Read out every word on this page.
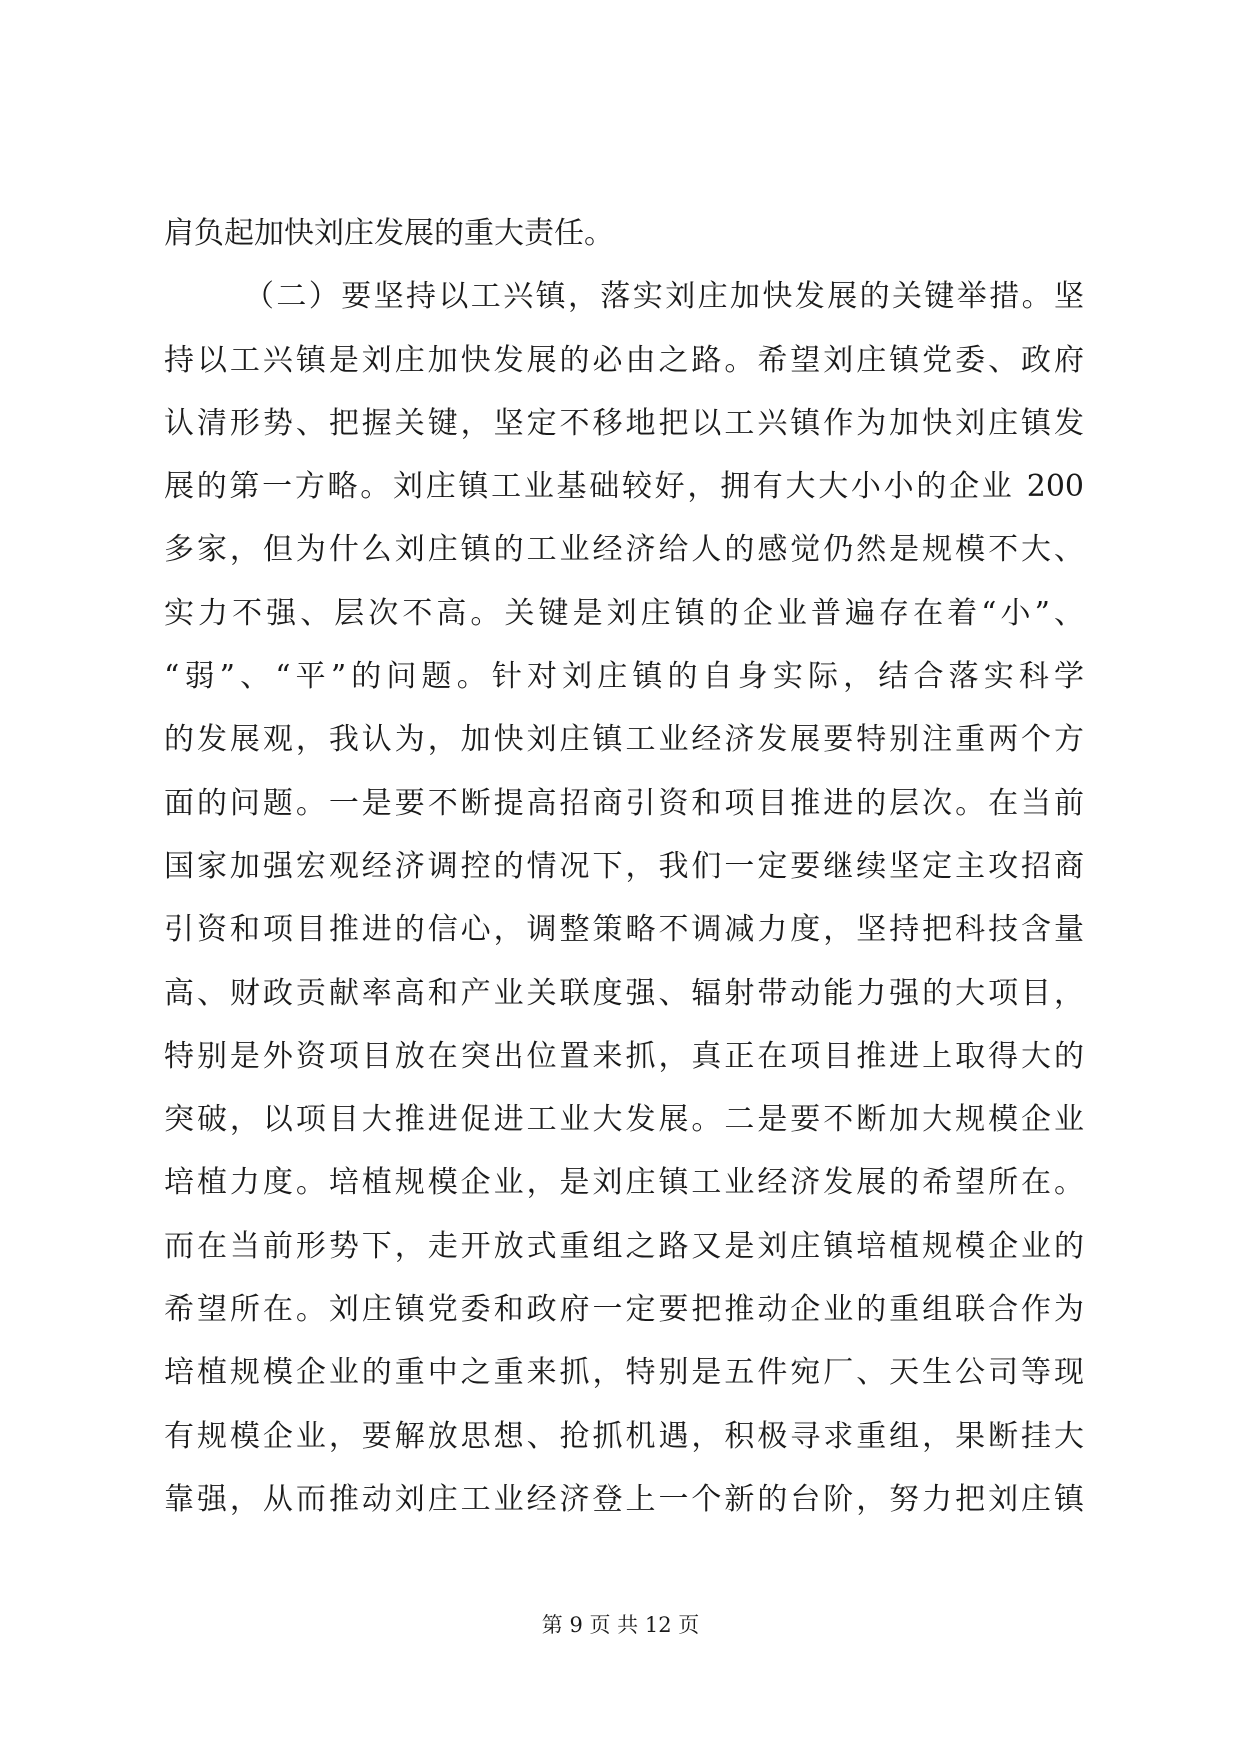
肩负起加快刘庄发展的重大责任。
（二）要坚持以工兴镇，落实刘庄加快发展的关键举措。坚
持以工兴镇是刘庄加快发展的必由之路。希望刘庄镇党委、政府
认清形势、把握关键，坚定不移地把以工兴镇作为加快刘庄镇发
展的第一方略。刘庄镇工业基础较好，拥有大大小小的企业 200
多家，但为什么刘庄镇的工业经济给人的感觉仍然是规模不大、
实力不强、层次不高。关键是刘庄镇的企业普遍存在着“小”、
“弱”、“平”的问题。针对刘庄镇的自身实际，结合落实科学
的发展观，我认为，加快刘庄镇工业经济发展要特别注重两个方
面的问题。一是要不断提高招商引资和项目推进的层次。在当前
国家加强宏观经济调控的情况下，我们一定要继续坚定主攻招商
引资和项目推进的信心，调整策略不调减力度，坚持把科技含量
高、财政贡献率高和产业关联度强、辐射带动能力强的大项目，
特别是外资项目放在突出位置来抓，真正在项目推进上取得大的
突破，以项目大推进促进工业大发展。二是要不断加大规模企业
培植力度。培植规模企业，是刘庄镇工业经济发展的希望所在。
而在当前形势下，走开放式重组之路又是刘庄镇培植规模企业的
希望所在。刘庄镇党委和政府一定要把推动企业的重组联合作为
培植规模企业的重中之重来抓，特别是五件宛厂、天生公司等现
有规模企业，要解放思想、抢抓机遇，积极寻求重组，果断挂大
靠强，从而推动刘庄工业经济登上一个新的台阶，努力把刘庄镇
第 9 页 共 12 页
